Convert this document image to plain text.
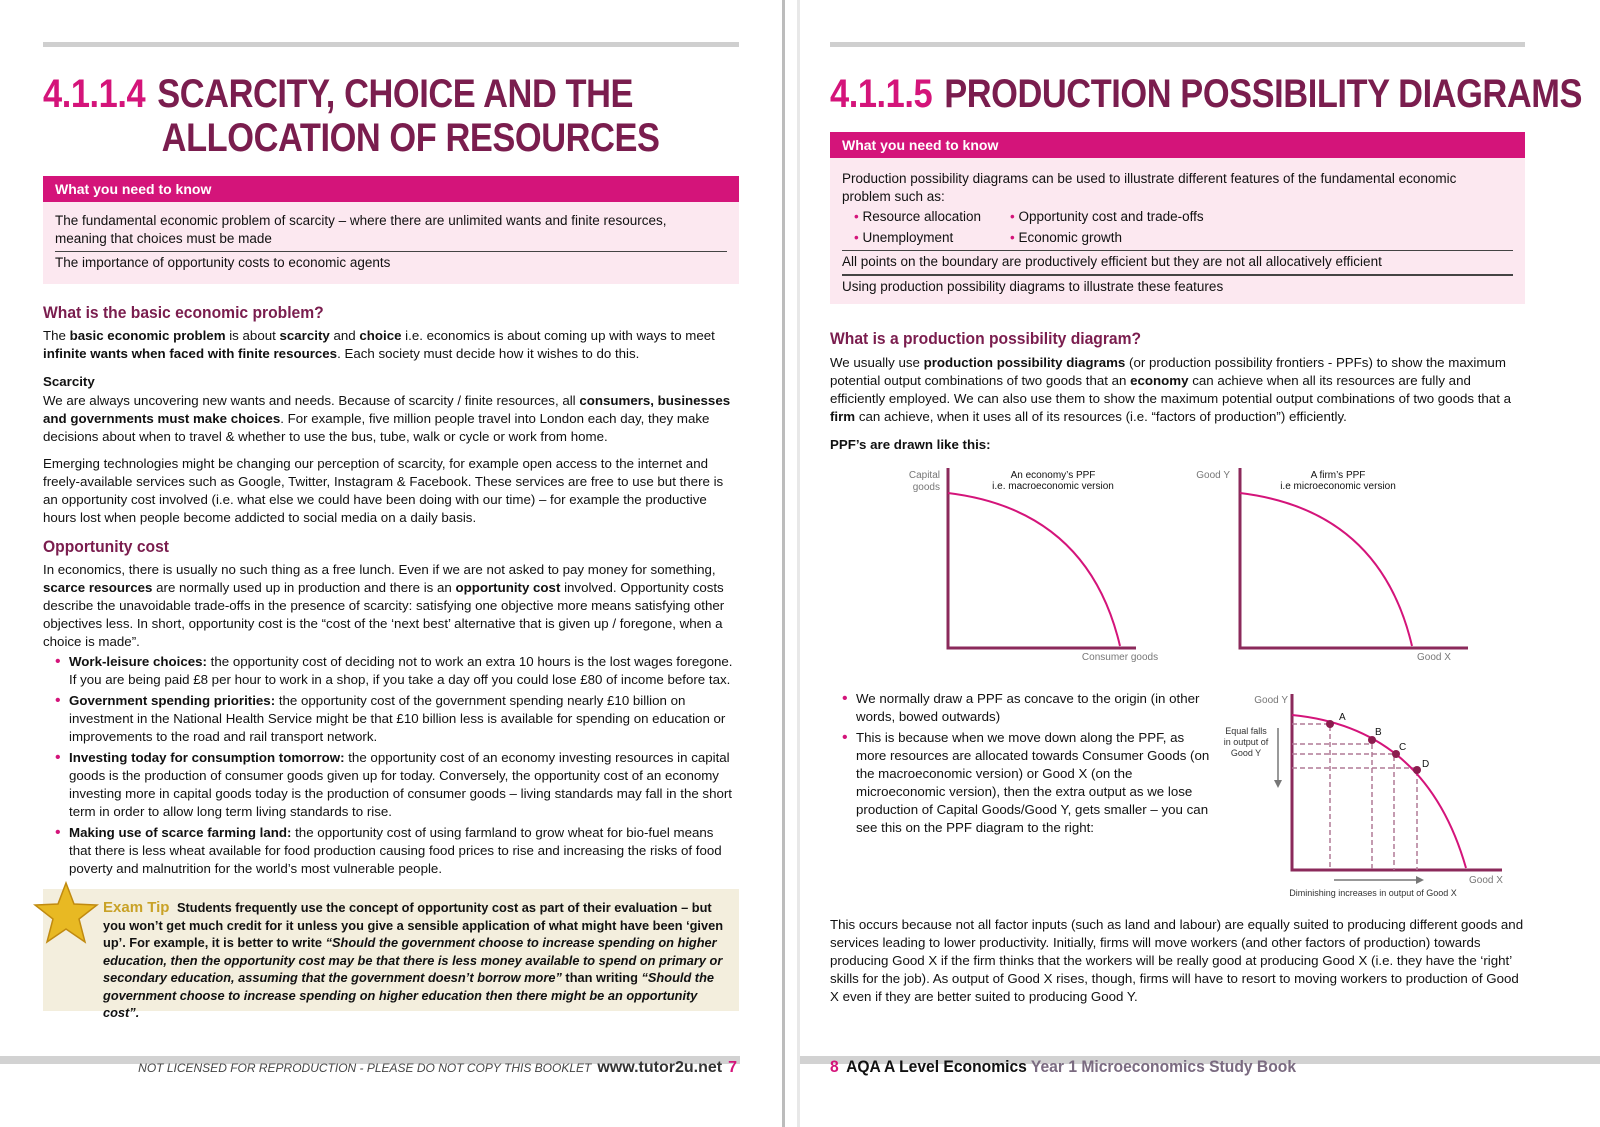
4.1.1.4 SCARCITY, CHOICE AND THE
ALLOCATION OF RESOURCES
What you need to know
The fundamental economic problem of scarcity – where there are unlimited wants and finite resources, meaning that choices must be made
The importance of opportunity costs to economic agents
What is the basic economic problem?
The basic economic problem is about scarcity and choice i.e. economics is about coming up with ways to meet infinite wants when faced with finite resources. Each society must decide how it wishes to do this.
Scarcity
We are always uncovering new wants and needs. Because of scarcity / finite resources, all consumers, businesses and governments must make choices. For example, five million people travel into London each day, they make decisions about when to travel & whether to use the bus, tube, walk or cycle or work from home.
Emerging technologies might be changing our perception of scarcity, for example open access to the internet and freely-available services such as Google, Twitter, Instagram & Facebook. These services are free to use but there is an opportunity cost involved (i.e. what else we could have been doing with our time) – for example the productive hours lost when people become addicted to social media on a daily basis.
Opportunity cost
In economics, there is usually no such thing as a free lunch. Even if we are not asked to pay money for something, scarce resources are normally used up in production and there is an opportunity cost involved. Opportunity costs describe the unavoidable trade-offs in the presence of scarcity: satisfying one objective more means satisfying other objectives less. In short, opportunity cost is the “cost of the ‘next best’ alternative that is given up / foregone, when a choice is made”.
• Work-leisure choices: the opportunity cost of deciding not to work an extra 10 hours is the lost wages foregone. If you are being paid £8 per hour to work in a shop, if you take a day off you could lose £80 of income before tax.
• Government spending priorities: the opportunity cost of the government spending nearly £10 billion on investment in the National Health Service might be that £10 billion less is available for spending on education or improvements to the road and rail transport network.
• Investing today for consumption tomorrow: the opportunity cost of an economy investing resources in capital goods is the production of consumer goods given up for today. Conversely, the opportunity cost of an economy investing more in capital goods today is the production of consumer goods – living standards may fall in the short term in order to allow long term living standards to rise.
• Making use of scarce farming land: the opportunity cost of using farmland to grow wheat for bio-fuel means that there is less wheat available for food production causing food prices to rise and increasing the risks of food poverty and malnutrition for the world’s most vulnerable people.
Exam Tip Students frequently use the concept of opportunity cost as part of their evaluation – but you won’t get much credit for it unless you give a sensible application of what might have been ‘given up’. For example, it is better to write “Should the government choose to increase spending on higher education, then the opportunity cost may be that there is less money available to spend on primary or secondary education, assuming that the government doesn’t borrow more” than writing “Should the government choose to increase spending on higher education then there might be an opportunity cost”.
NOT LICENSED FOR REPRODUCTION - PLEASE DO NOT COPY THIS BOOKLET www.tutor2u.net 7
4.1.1.5 PRODUCTION POSSIBILITY DIAGRAMS
What you need to know
Production possibility diagrams can be used to illustrate different features of the fundamental economic problem such as:
• Resource allocation • Opportunity cost and trade-offs
• Unemployment	• Economic growth
All points on the boundary are productively efficient but they are not all allocatively efficient
Using production possibility diagrams to illustrate these features
What is a production possibility diagram?
We usually use production possibility diagrams (or production possibility frontiers - PPFs) to show the maximum potential output combinations of two goods that an economy can achieve when all its resources are fully and efficiently employed. We can also use them to show the maximum potential output combinations of two goods that a firm can achieve, when it uses all of its resources (i.e. “factors of production”) efficiently.
PPF’s are drawn like this:
Capital
goods
An economy’s PPF
i.e. macroeconomic version
Consumer goods
Good Y	A firm’s PPF
i.e microeconomic version
Good X
• We normally draw a PPF as concave to the origin (in other words, bowed outwards)
• This is because when we move down along the PPF, as more resources are allocated towards Consumer Goods (on the macroeconomic version) or Good X (on the microeconomic version), then the extra output as we lose production of Capital Goods/Good Y, gets smaller – you can see this on the PPF diagram to the right:
Good Y
A
B
C
D
Equal falls
in output of
Good Y
Good X
Diminishing increases in output of Good X
This occurs because not all factor inputs (such as land and labour) are equally suited to producing different goods and services leading to lower productivity. Initially, firms will move workers (and other factors of production) towards producing Good X if the firm thinks that the workers will be really good at producing Good X (i.e. they have the ‘right’ skills for the job). As output of Good X rises, though, firms will have to resort to moving workers to production of Good X even if they are better suited to producing Good Y.
8 AQA A Level Economics Year 1 Microeconomics Study Book
